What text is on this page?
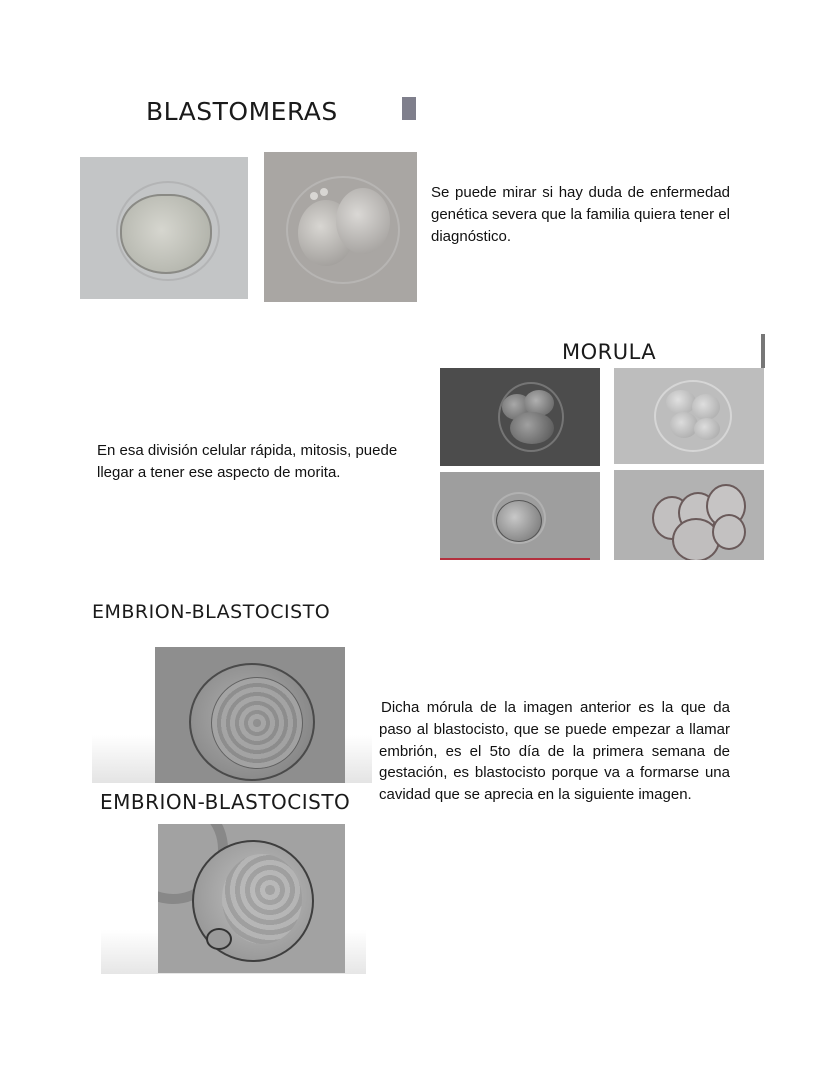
BLASTOMERAS
Se puede mirar si hay duda de enfermedad genética severa que la familia quiera tener el diagnóstico.
MORULA
En esa división celular rápida, mitosis, puede llegar a tener ese aspecto de morita.
EMBRION-BLASTOCISTO
EMBRION-BLASTOCISTO
Dicha mórula de la imagen anterior es la que da paso al blastocisto, que se puede empezar a llamar embrión, es el 5to día de la primera semana de gestación, es blastocisto porque va a formarse una cavidad que se aprecia en la siguiente imagen.
